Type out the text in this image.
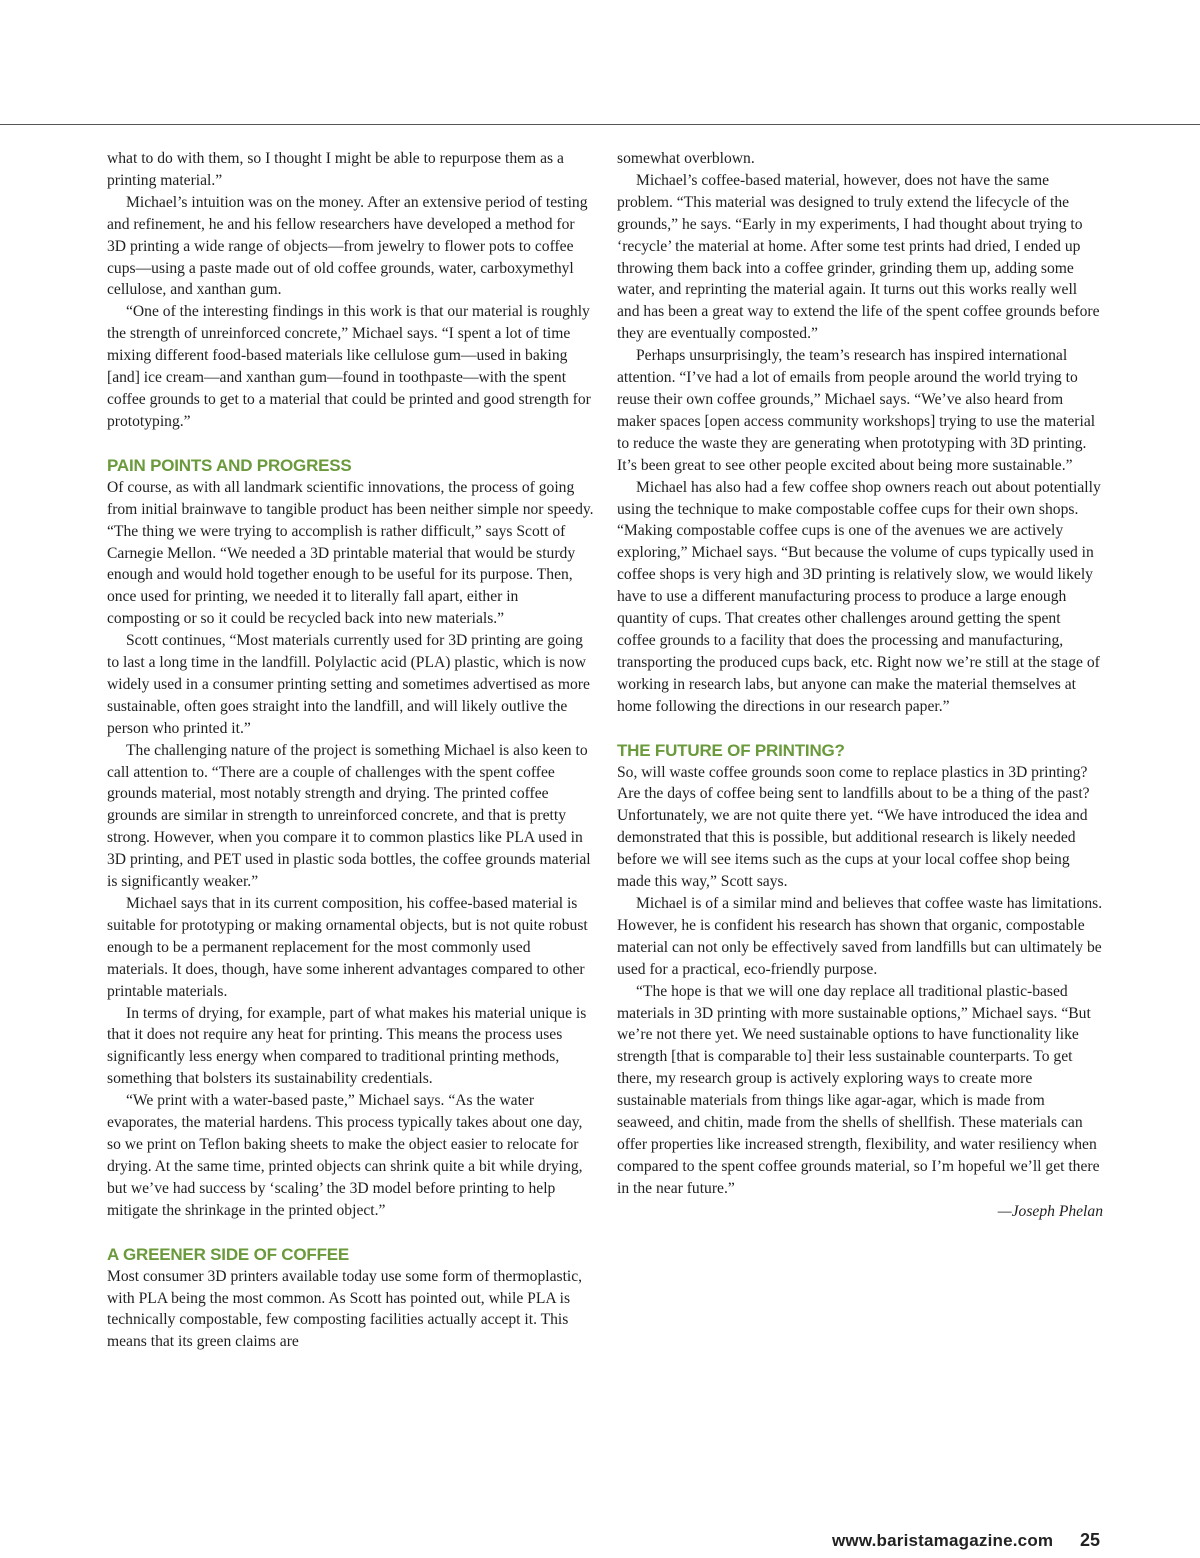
what to do with them, so I thought I might be able to repurpose them as a printing material.”

Michael’s intuition was on the money. After an extensive period of testing and refinement, he and his fellow researchers have developed a method for 3D printing a wide range of objects—from jewelry to flower pots to coffee cups—using a paste made out of old coffee grounds, water, carboxymethyl cellulose, and xanthan gum.

“One of the interesting findings in this work is that our material is roughly the strength of unreinforced concrete,” Michael says. “I spent a lot of time mixing different food-based materials like cellulose gum—used in baking [and] ice cream—and xanthan gum—found in toothpaste—with the spent coffee grounds to get to a material that could be printed and good strength for prototyping.”

PAIN POINTS AND PROGRESS

Of course, as with all landmark scientific innovations, the process of going from initial brainwave to tangible product has been neither simple nor speedy. “The thing we were trying to accomplish is rather difficult,” says Scott of Carnegie Mellon. “We needed a 3D printable material that would be sturdy enough and would hold together enough to be useful for its purpose. Then, once used for printing, we needed it to literally fall apart, either in composting or so it could be recycled back into new materials.”

Scott continues, “Most materials currently used for 3D printing are going to last a long time in the landfill. Polylactic acid (PLA) plastic, which is now widely used in a consumer printing setting and sometimes advertised as more sustainable, often goes straight into the landfill, and will likely outlive the person who printed it.”

The challenging nature of the project is something Michael is also keen to call attention to. “There are a couple of challenges with the spent coffee grounds material, most notably strength and drying. The printed coffee grounds are similar in strength to unreinforced concrete, and that is pretty strong. However, when you compare it to common plastics like PLA used in 3D printing, and PET used in plastic soda bottles, the coffee grounds material is significantly weaker.”

Michael says that in its current composition, his coffee-based material is suitable for prototyping or making ornamental objects, but is not quite robust enough to be a permanent replacement for the most commonly used materials. It does, though, have some inherent advantages compared to other printable materials.

In terms of drying, for example, part of what makes his material unique is that it does not require any heat for printing. This means the process uses significantly less energy when compared to traditional printing methods, something that bolsters its sustainability credentials.

“We print with a water-based paste,” Michael says. “As the water evaporates, the material hardens. This process typically takes about one day, so we print on Teflon baking sheets to make the object easier to relocate for drying. At the same time, printed objects can shrink quite a bit while drying, but we’ve had success by ‘scaling’ the 3D model before printing to help mitigate the shrinkage in the printed object.”

A GREENER SIDE OF COFFEE

Most consumer 3D printers available today use some form of thermoplastic, with PLA being the most common. As Scott has pointed out, while PLA is technically compostable, few composting facilities actually accept it. This means that its green claims are

somewhat overblown.

Michael’s coffee-based material, however, does not have the same problem. “This material was designed to truly extend the lifecycle of the grounds,” he says. “Early in my experiments, I had thought about trying to ‘recycle’ the material at home. After some test prints had dried, I ended up throwing them back into a coffee grinder, grinding them up, adding some water, and reprinting the material again. It turns out this works really well and has been a great way to extend the life of the spent coffee grounds before they are eventually composted.”

Perhaps unsurprisingly, the team’s research has inspired international attention. “I’ve had a lot of emails from people around the world trying to reuse their own coffee grounds,” Michael says. “We’ve also heard from maker spaces [open access community workshops] trying to use the material to reduce the waste they are generating when prototyping with 3D printing. It’s been great to see other people excited about being more sustainable.”

Michael has also had a few coffee shop owners reach out about potentially using the technique to make compostable coffee cups for their own shops. “Making compostable coffee cups is one of the avenues we are actively exploring,” Michael says. “But because the volume of cups typically used in coffee shops is very high and 3D printing is relatively slow, we would likely have to use a different manufacturing process to produce a large enough quantity of cups. That creates other challenges around getting the spent coffee grounds to a facility that does the processing and manufacturing, transporting the produced cups back, etc. Right now we’re still at the stage of working in research labs, but anyone can make the material themselves at home following the directions in our research paper.”

THE FUTURE OF PRINTING?

So, will waste coffee grounds soon come to replace plastics in 3D printing? Are the days of coffee being sent to landfills about to be a thing of the past? Unfortunately, we are not quite there yet. “We have introduced the idea and demonstrated that this is possible, but additional research is likely needed before we will see items such as the cups at your local coffee shop being made this way,” Scott says.

Michael is of a similar mind and believes that coffee waste has limitations. However, he is confident his research has shown that organic, compostable material can not only be effectively saved from landfills but can ultimately be used for a practical, eco-friendly purpose.

“The hope is that we will one day replace all traditional plastic-based materials in 3D printing with more sustainable options,” Michael says. “But we’re not there yet. We need sustainable options to have functionality like strength [that is comparable to] their less sustainable counterparts. To get there, my research group is actively exploring ways to create more sustainable materials from things like agar-agar, which is made from seaweed, and chitin, made from the shells of shellfish. These materials can offer properties like increased strength, flexibility, and water resiliency when compared to the spent coffee grounds material, so I’m hopeful we’ll get there in the near future.”

—Joseph Phelan

www.baristamagazine.com 25
